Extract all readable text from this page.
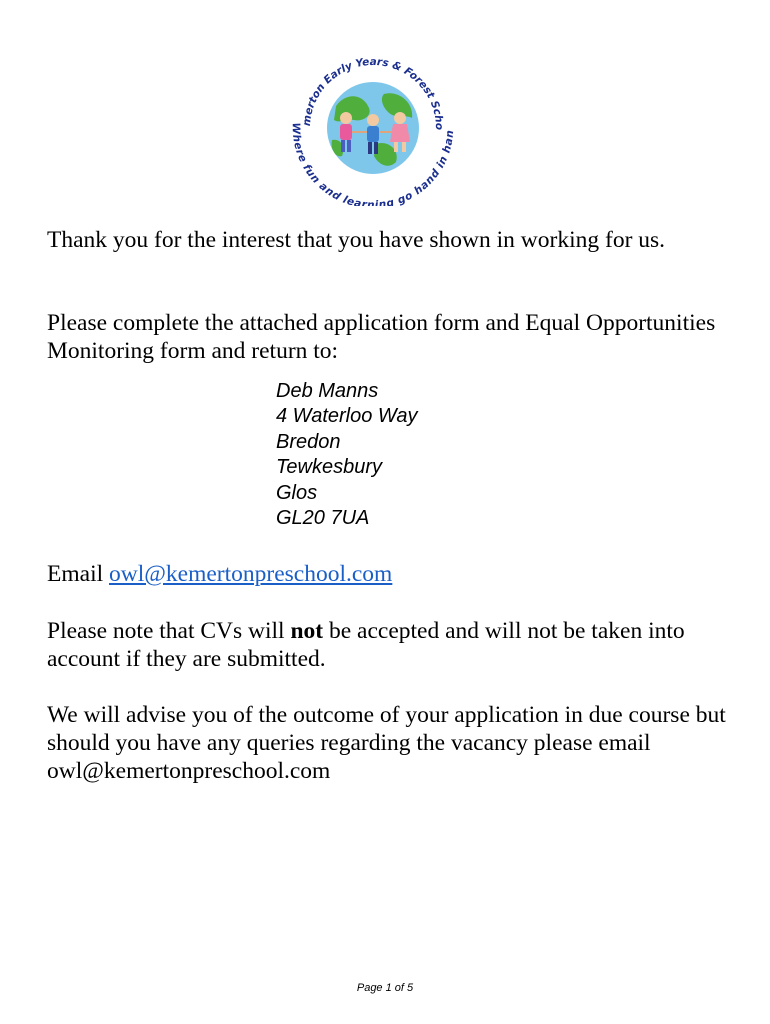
merton Early Years & Forest Scho
Where fun and learning go hand in han

Thank you for the interest that you have shown in working for us.

Please complete the attached application form and Equal Opportunities Monitoring form and return to:

Deb Manns
4 Waterloo Way
Bredon
Tewkesbury
Glos
GL20 7UA

Email owl@kemertonpreschool.com

Please note that CVs will not be accepted and will not be taken into account if they are submitted.

We will advise you of the outcome of your application in due course but should you have any queries regarding the vacancy please email owl@kemertonpreschool.com

Page 1 of 5
